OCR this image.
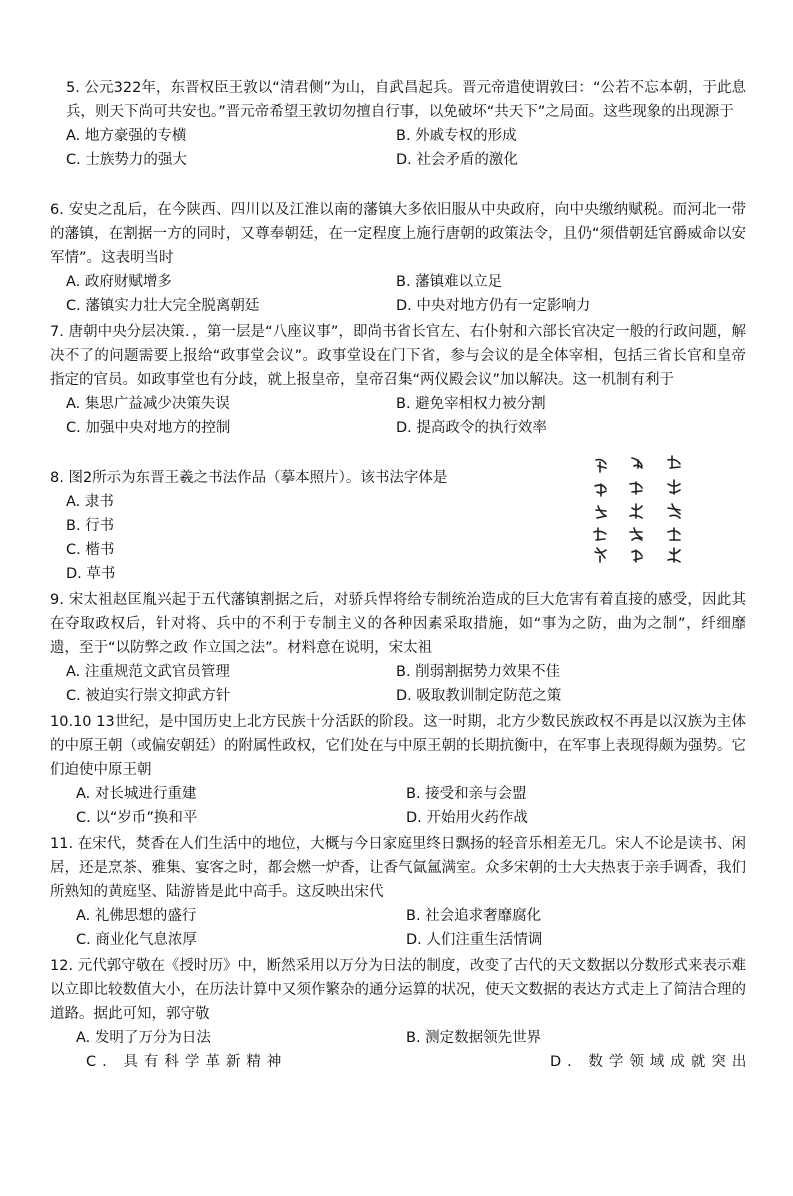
5. 公元322年，东晋权臣王敦以“清君侧”为山，自武昌起兵。晋元帝遣使谓敦曰：“公若不忘本朝，于此息兵，则天下尚可共安也。”晋元帝希望王敦切勿擅自行事，以免破坏“共天下”之局面。这些现象的出现源于

A. 地方豪强的专横	B. 外戚专权的形成
C. 士族势力的强大	D. 社会矛盾的激化

6. 安史之乱后，在今陕西、四川以及江淮以南的藩镇大多依旧服从中央政府，向中央缴纳赋税。而河北一带的藩镇，在割据一方的同时，又尊奉朝廷，在一定程度上施行唐朝的政策法令，且仍“须借朝廷官爵威命以安军情”。这表明当时

A. 政府财赋增多	B. 藩镇难以立足
C. 藩镇实力壮大完全脱离朝廷	D. 中央对地方仍有一定影响力

7. 唐朝中央分层决策．，第一层是“八座议事”，即尚书省长官左、右仆射和六部长官决定一般的行政问题，解决不了的问题需要上报给“政事堂会议”。政事堂设在门下省，参与会议的是全体宰相，包括三省长官和皇帝指定的官员。如政事堂也有分歧，就上报皇帝，皇帝召集“两仪殿会议”加以解决。这一机制有利于

A. 集思广益减少决策失误	B. 避免宰相权力被分割
C. 加强中央对地方的控制	D. 提高政令的执行效率

8. 图2所示为东晋王羲之书法作品（摹本照片）。该书法字体是

A. 隶书
B. 行书
C. 楷书
D. 草书

9. 宋太祖赵匡胤兴起于五代藩镇割据之后，对骄兵悍将给专制统治造成的巨大危害有着直接的感受，因此其在夺取政权后，针对将、兵中的不利于专制主义的各种因素采取措施，如“事为之防，曲为之制”，纤细靡遗，至于“以防弊之政 作立国之法”。材料意在说明，宋太祖

A. 注重规范文武官员管理	B. 削弱割据势力效果不佳
C. 被迫实行崇文抑武方针	D. 吸取教训制定防范之策

10.10 13世纪，是中国历史上北方民族十分活跃的阶段。这一时期，北方少数民族政权不再是以汉族为主体的中原王朝（或偏安朝廷）的附属性政权，它们处在与中原王朝的长期抗衡中，在军事上表现得颇为强势。它们迫使中原王朝

A. 对长城进行重建	B. 接受和亲与会盟
C. 以“岁币”换和平	D. 开始用火药作战

11. 在宋代，焚香在人们生活中的地位，大概与今日家庭里终日飘扬的轻音乐相差无几。宋人不论是读书、闲居，还是烹茶、雅集、宴客之时，都会燃一炉香，让香气氤氲满室。众多宋朝的士大夫热衷于亲手调香，我们所熟知的黄庭坚、陆游皆是此中高手。这反映出宋代

A. 礼佛思想的盛行	B. 社会追求奢靡腐化
C. 商业化气息浓厚	D. 人们注重生活情调

12. 元代郭守敬在《授时历》中，断然采用以万分为日法的制度，改变了古代的天文数据以分数形式来表示难以立即比较数值大小，在历法计算中又须作繁杂的通分运算的状况，使天文数据的表达方式走上了简洁合理的道路。据此可知，郭守敬

A. 发明了万分为日法	B. 测定数据领先世界
C. 具有科学革新精神	D. 数学领域成就突出
